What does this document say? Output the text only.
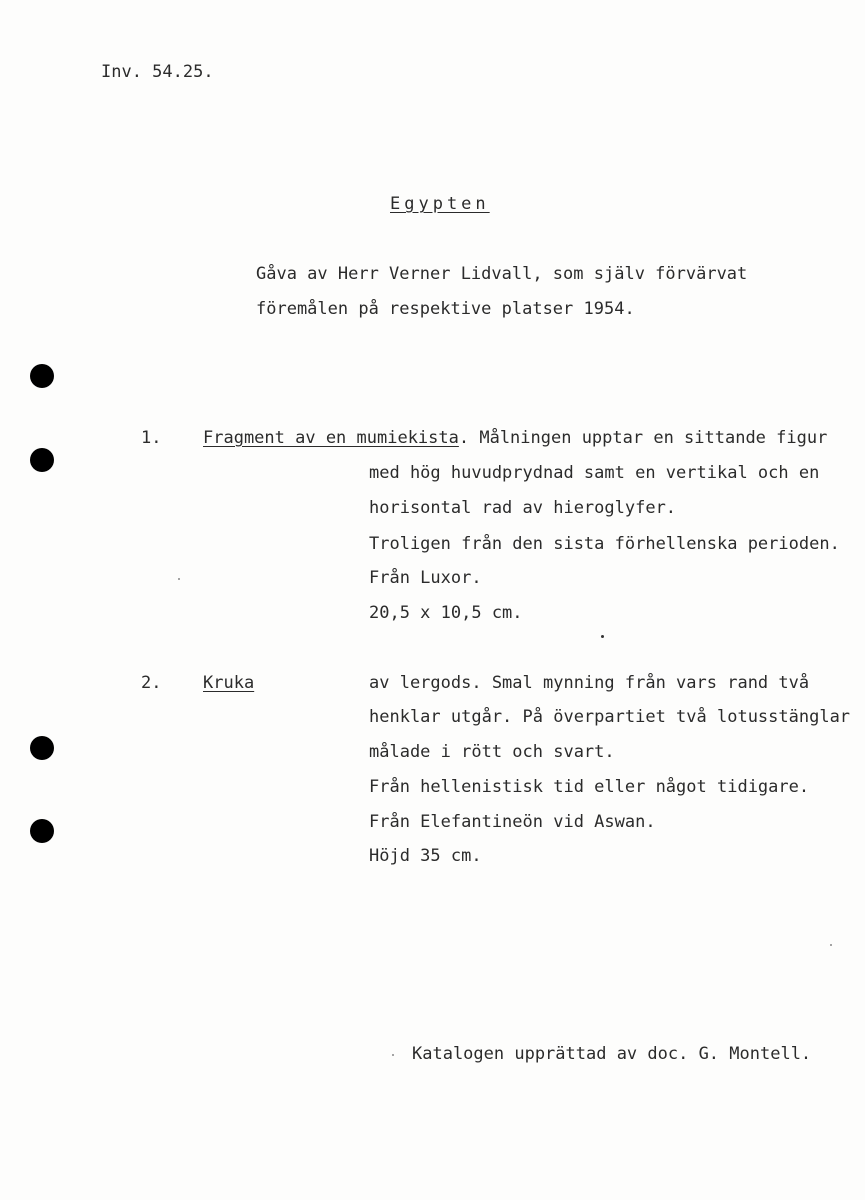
Inv. 54.25.
Egypten
Gåva av Herr Verner Lidvall, som själv förvärvat
föremålen på respektive platser 1954.
1. Fragment av en mumiekista. Målningen upptar en sittande figur
med hög huvudprydnad samt en vertikal och en
horisontal rad av hieroglyfer.
Troligen från den sista förhellenska perioden.
Från Luxor.
20,5 x 10,5 cm.
2. Kruka	av lergods. Smal mynning från vars rand två
henklar utgår. På överpartiet två lotusstänglar
målade i rött och svart.
Från hellenistisk tid eller något tidigare.
Från Elefantineön vid Aswan.
Höjd 35 cm.
Katalogen upprättad av doc. G. Montell.
